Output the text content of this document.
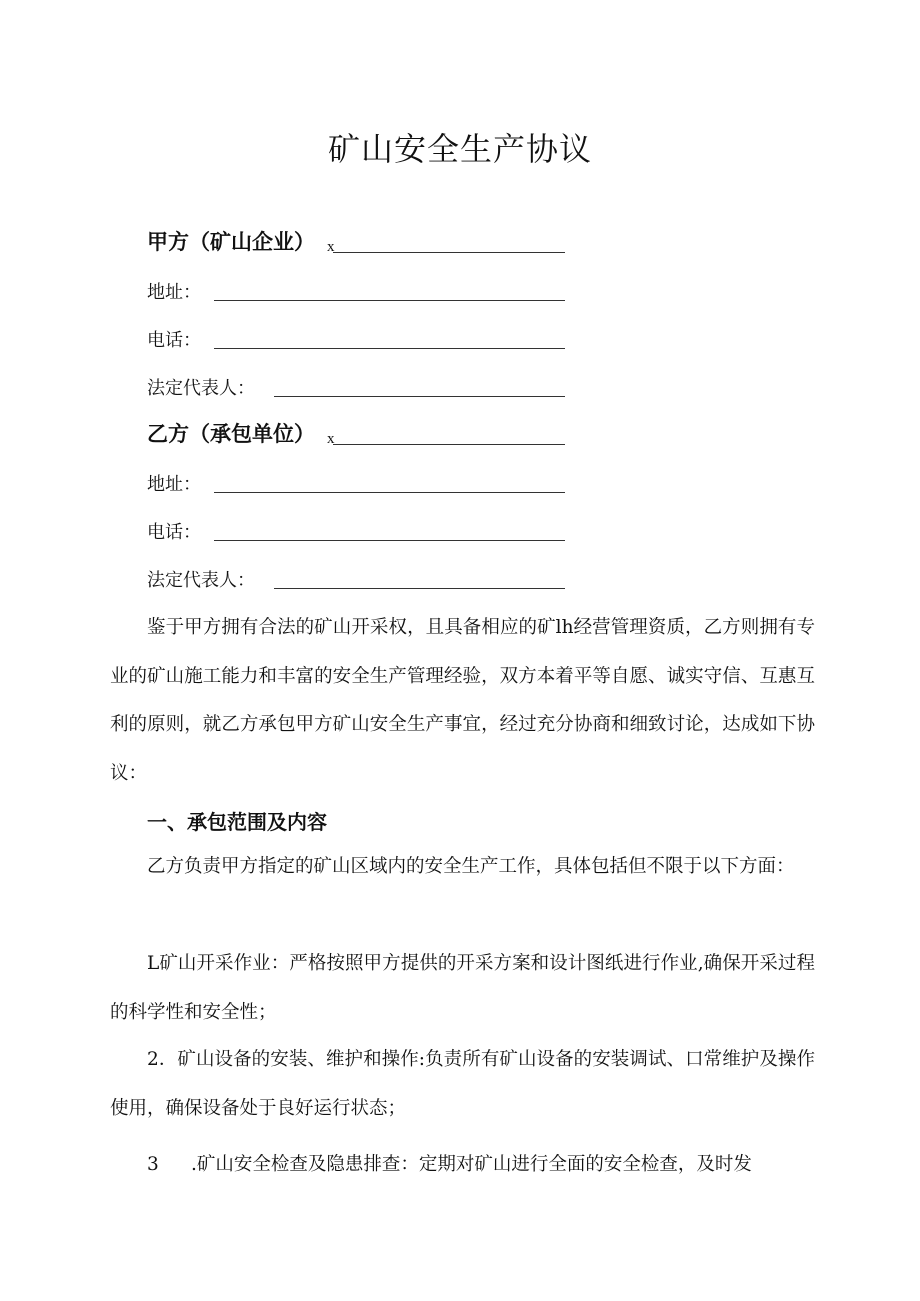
矿山安全生产协议
甲方（矿山企业） x
地址：
电话：
法定代表人：
乙方（承包单位） x
地址：
电话：
法定代表人：

鉴于甲方拥有合法的矿山开采权，且具备相应的矿lh经营管理资质，乙方则拥有专业的矿山施工能力和丰富的安全生产管理经验，双方本着平等自愿、诚实守信、互惠互利的原则，就乙方承包甲方矿山安全生产事宜，经过充分协商和细致讨论，达成如下协议：

一、承包范围及内容

乙方负责甲方指定的矿山区域内的安全生产工作，具体包括但不限于以下方面：

L矿山开采作业：严格按照甲方提供的开采方案和设计图纸进行作业,确保开采过程的科学性和安全性；

2．矿山设备的安装、维护和操作:负责所有矿山设备的安装调试、口常维护及操作使用，确保设备处于良好运行状态；

3 .矿山安全检查及隐患排查：定期对矿山进行全面的安全检查，及时发
